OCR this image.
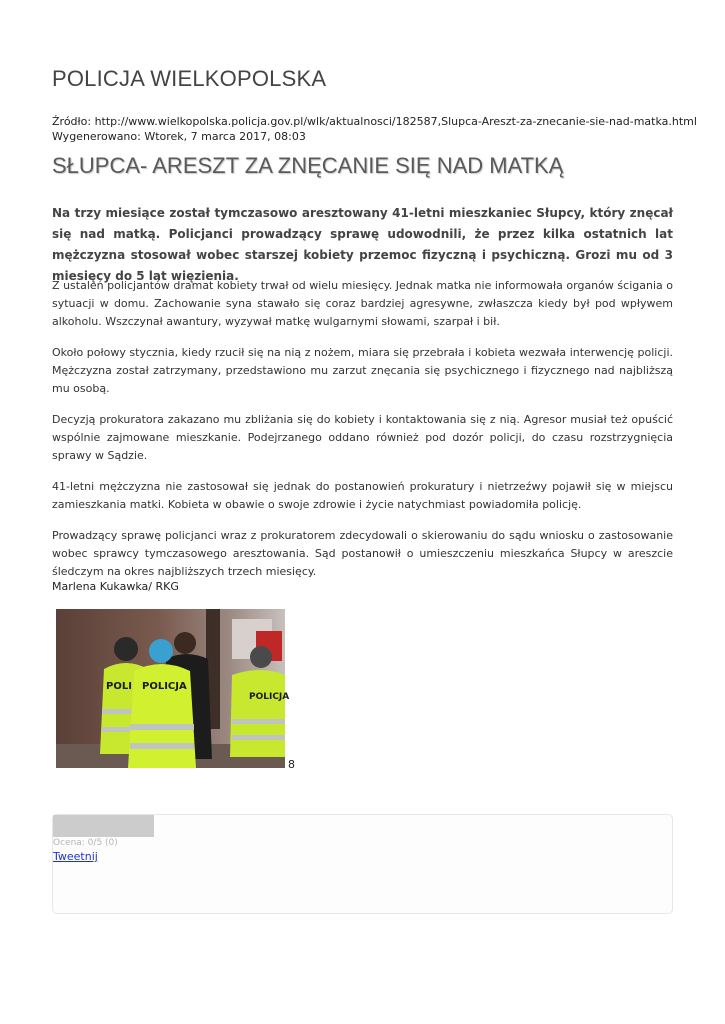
POLICJA WIELKOPOLSKA
Źródło: http://www.wielkopolska.policja.gov.pl/wlk/aktualnosci/182587,Slupca-Areszt-za-znecanie-sie-nad-matka.html
Wygenerowano: Wtorek, 7 marca 2017, 08:03
SŁUPCA- ARESZT ZA ZNĘCANIE SIĘ NAD MATKĄ

Na trzy miesiące został tymczasowo aresztowany 41-letni mieszkaniec Słupcy, który znęcał się nad matką. Policjanci prowadzący sprawę udowodnili, że przez kilka ostatnich lat mężczyzna stosował wobec starszej kobiety przemoc fizyczną i psychiczną. Grozi mu od 3 miesięcy do 5 lat więzienia.

Z ustaleń policjantów dramat kobiety trwał od wielu miesięcy. Jednak matka nie informowała organów ścigania o sytuacji w domu. Zachowanie syna stawało się coraz bardziej agresywne, zwłaszcza kiedy był pod wpływem alkoholu. Wszczynał awantury, wyzywał matkę wulgarnymi słowami, szarpał i bił.

Około połowy stycznia, kiedy rzucił się na nią z nożem, miara się przebrała i kobieta wezwała interwencję policji. Mężczyzna został zatrzymany, przedstawiono mu zarzut znęcania się psychicznego i fizycznego nad najbliższą mu osobą.

Decyzją prokuratora zakazano mu zbliżania się do kobiety i kontaktowania się z nią. Agresor musiał też opuścić wspólnie zajmowane mieszkanie. Podejrzanego oddano również pod dozór policji, do czasu rozstrzygnięcia sprawy w Sądzie.

41-letni mężczyzna nie zastosował się jednak do postanowień prokuratury i nietrzeźwy pojawił się w miejscu zamieszkania matki. Kobieta w obawie o swoje zdrowie i życie natychmiast powiadomiła policję.

Prowadzący sprawę policjanci wraz z prokuratorem zdecydowali o skierowaniu do sądu wniosku o zastosowanie wobec sprawcy tymczasowego aresztowania. Sąd postanowił o umieszczeniu mieszkańca Słupcy w areszcie śledczym na okres najbliższych trzech miesięcy.

Marlena Kukawka/ RKG

POLI POLICJA
POLICJA
8
Ocena: 0/5 (0)
Tweetnij
